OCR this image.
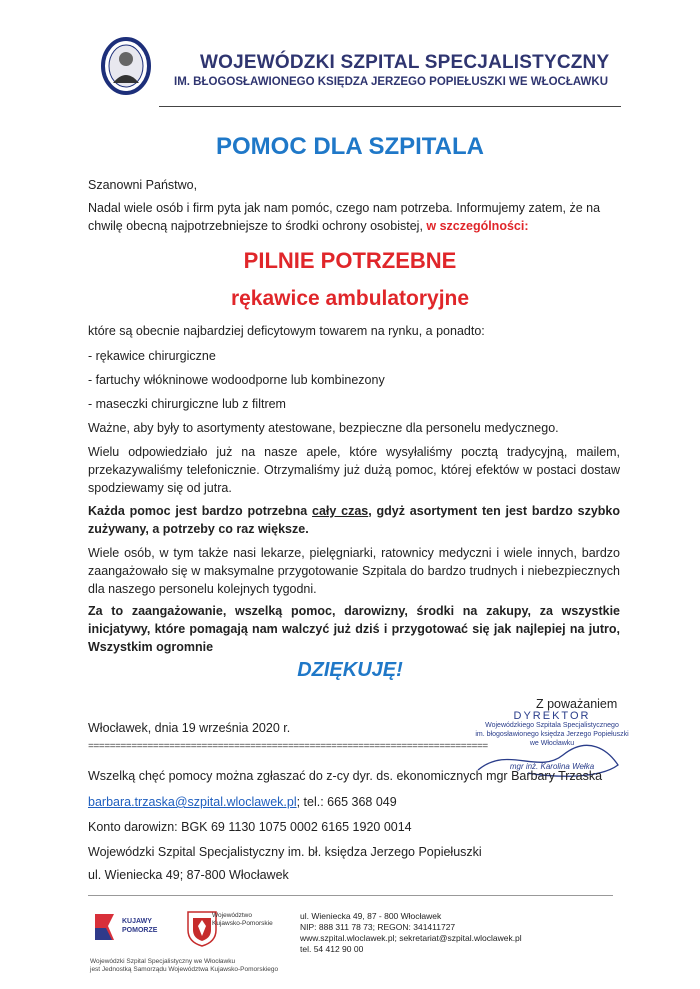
WOJEWÓDZKI SZPITAL SPECJALISTYCZNY
IM. BŁOGOSŁAWIONEGO KSIĘDZA JERZEGO POPIEŁUSZKI WE WŁOCŁAWKU
POMOC DLA SZPITALA
Szanowni Państwo,
Nadal wiele osób i firm pyta jak nam pomóc, czego nam potrzeba. Informujemy zatem, że na chwilę obecną najpotrzebniejsze to środki ochrony osobistej, w szczególności:
PILNIE POTRZEBNE
rękawice ambulatoryjne
które są obecnie najbardziej deficytowym towarem na rynku, a ponadto:
- rękawice chirurgiczne
- fartuchy włókninowe wodoodporne lub kombinezony
- maseczki chirurgiczne lub z filtrem
Ważne, aby były to asortymenty atestowane, bezpieczne dla personelu medycznego.
Wielu odpowiedziało już na nasze apele, które wysyłaliśmy pocztą tradycyjną, mailem, przekazywaliśmy telefonicznie. Otrzymaliśmy już dużą pomoc, której efektów w postaci dostaw spodziewamy się od jutra.
Każda pomoc jest bardzo potrzebna cały czas, gdyż asortyment ten jest bardzo szybko zużywany, a potrzeby co raz większe.
Wiele osób, w tym także nasi lekarze, pielęgniarki, ratownicy medyczni i wiele innych, bardzo zaangażowało się w maksymalne przygotowanie Szpitala do bardzo trudnych i niebezpiecznych dla naszego personelu kolejnych tygodni.
Za to zaangażowanie, wszelką pomoc, darowizny, środki na zakupy, za wszystkie inicjatywy, które pomagają nam walczyć już dziś i przygotować się jak najlepiej na jutro, Wszystkim ogromnie
DZIĘKUJĘ!
Z poważaniem
DYREKTOR
Wojewódzkiego Szpitala Specjalistycznego
im. błogosławionego księdza Jerzego Popiełuszki
we Włocławku
mgr inż. Karolina Wełka
Włocławek, dnia 19 września 2020 r.
==========================================================================
Wszelką chęć pomocy można zgłaszać do z-cy dyr. ds. ekonomicznych mgr Barbary Trzaska
barbara.trzaska@szpital.wloclawek.pl; tel.: 665 368 049
Konto darowizn: BGK 69 1130 1075 0002 6165 1920 0014
Wojewódzki Szpital Specjalistyczny im. bł. księdza Jerzego Popiełuszki
ul. Wieniecka 49; 87-800 Włocławek
KUJAWY
POMORZE
Województwo
Kujawsko-Pomorskie
Wojewódzki Szpital Specjalistyczny we Włocławku
jest Jednostką Samorządu Województwa Kujawsko-Pomorskiego
ul. Wieniecka 49, 87 - 800 Włocławek
NIP: 888 311 78 73; REGON: 341411727
www.szpital.wloclawek.pl; sekretariat@szpital.wloclawek.pl
tel. 54 412 90 00
